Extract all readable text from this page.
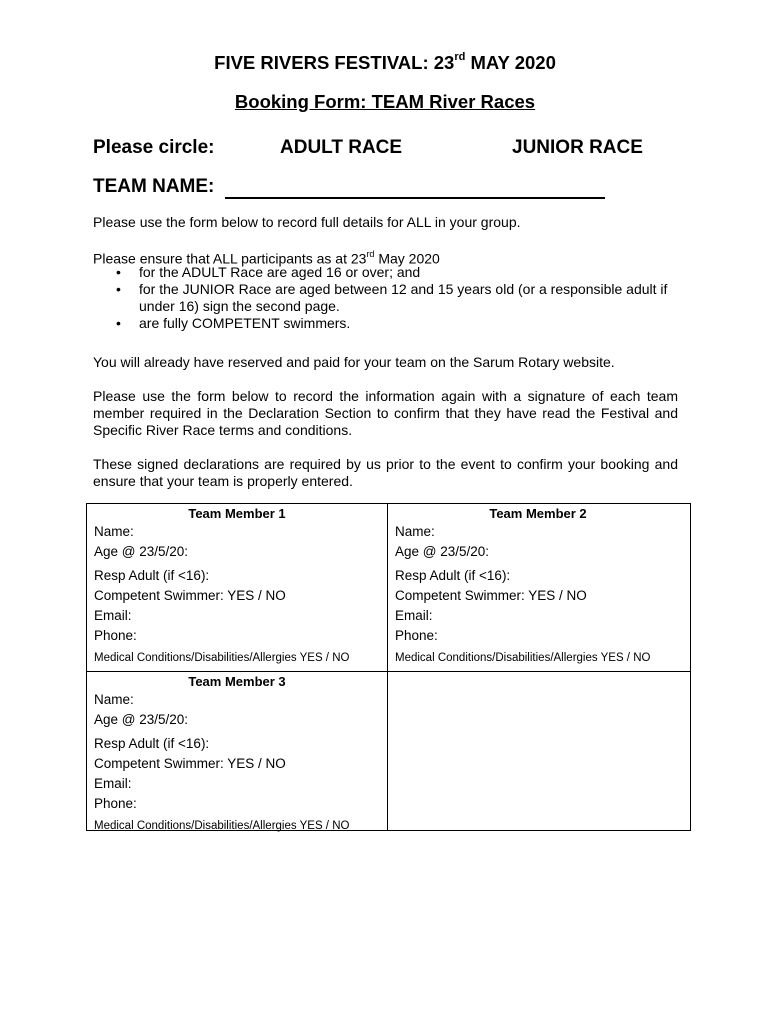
FIVE RIVERS FESTIVAL: 23rd MAY 2020
Booking Form: TEAM River Races
Please circle:	ADULT RACE	JUNIOR RACE
TEAM NAME:

Please use the form below to record full details for ALL in your group.

Please ensure that ALL participants as at 23rd May 2020

• for the ADULT Race are aged 16 or over; and
• for the JUNIOR Race are aged between 12 and 15 years old (or a responsible adult if under 16) sign the second page.
• are fully COMPETENT swimmers.

You will already have reserved and paid for your team on the Sarum Rotary website.

Please use the form below to record the information again with a signature of each team member required in the Declaration Section to confirm that they have read the Festival and Specific River Race terms and conditions.

These signed declarations are required by us prior to the event to confirm your booking and ensure that your team is properly entered.

Team Member 1
Name:
Age @ 23/5/20:
Resp Adult (if <16):
Competent Swimmer: YES / NO
Email:
Phone:
Medical Conditions/Disabilities/Allergies YES / NO
Team Member 2
Name:
Age @ 23/5/20:
Resp Adult (if <16):
Competent Swimmer: YES / NO
Email:
Phone:
Medical Conditions/Disabilities/Allergies YES / NO
Team Member 3
Name:
Age @ 23/5/20:
Resp Adult (if <16):
Competent Swimmer: YES / NO
Email:
Phone:
Medical Conditions/Disabilities/Allergies YES / NO
